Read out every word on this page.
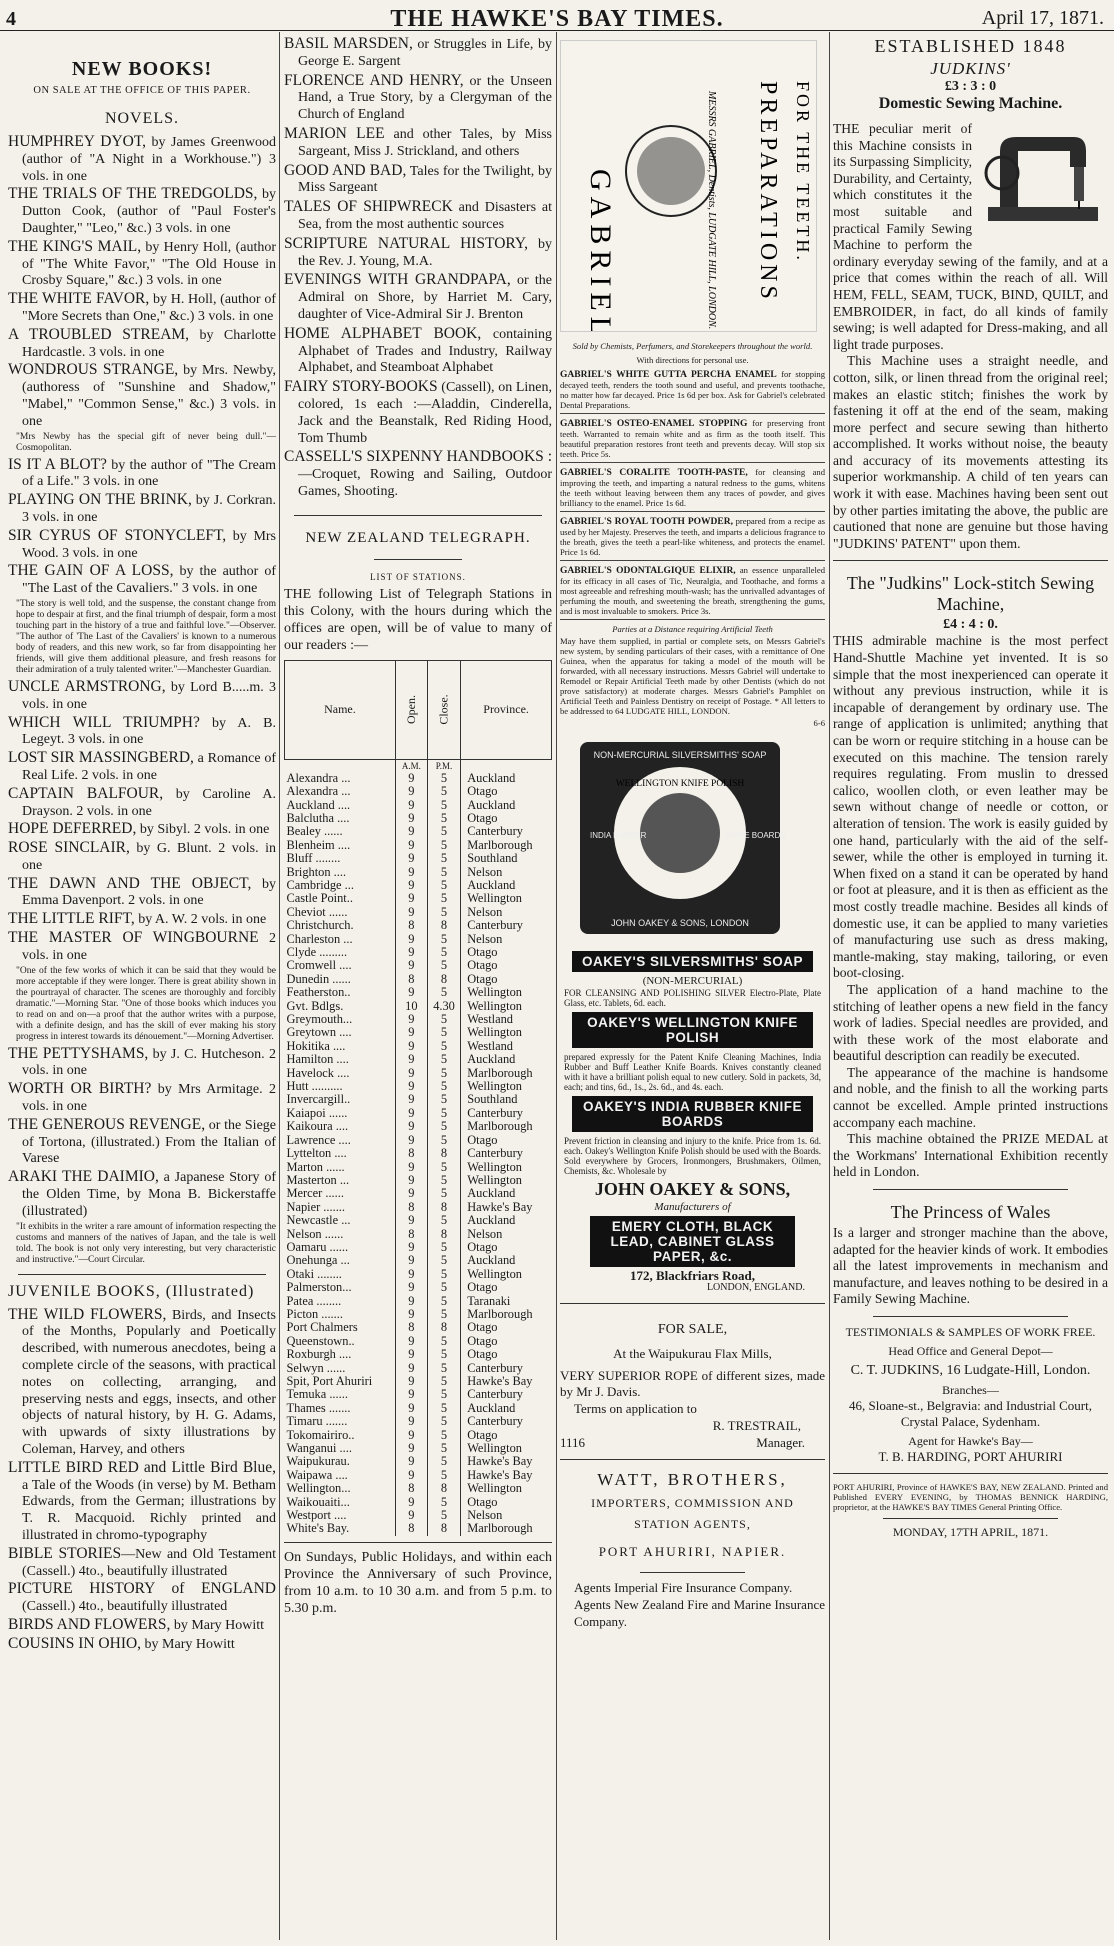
4	THE HAWKE'S BAY TIMES.	April 17, 1871.
NEW BOOKS!
ON SALE AT THE OFFICE OF THIS PAPER.
NOVELS.

HUMPHREY DYOT, by James Greenwood (author of "A Night in a Workhouse.") 3 vols. in one

THE TRIALS OF THE TREDGOLDS, by Dutton Cook, (author of "Paul Foster's Daughter," "Leo," &c.) 3 vols. in one

THE KING'S MAIL, by Henry Holl, (author of "The White Favor," "The Old House in Crosby Square," &c.) 3 vols. in one

THE WHITE FAVOR, by H. Holl, (author of "More Secrets than One," &c.) 3 vols. in one

A TROUBLED STREAM, by Charlotte Hardcastle. 3 vols. in one

WONDROUS STRANGE, by Mrs. Newby, (authoress of "Sunshine and Shadow," "Mabel," "Common Sense," &c.) 3 vols. in one

"Mrs Newby has the special gift of never being dull."—Cosmopolitan.

IS IT A BLOT? by the author of "The Cream of a Life." 3 vols. in one

PLAYING ON THE BRINK, by J. Corkran. 3 vols. in one

SIR CYRUS OF STONYCLEFT, by Mrs Wood. 3 vols. in one

THE GAIN OF A LOSS, by the author of "The Last of the Cavaliers." 3 vols. in one

"The story is well told, and the suspense, the constant change from hope to despair at first, and the final triumph of despair, form a most touching part in the history of a true and faithful love."—Observer. "The author of 'The Last of the Cavaliers' is known to a numerous body of readers, and this new work, so far from disappointing her friends, will give them additional pleasure, and fresh reasons for their admiration of a truly talented writer."—Manchester Guardian.

UNCLE ARMSTRONG, by Lord B.....m. 3 vols. in one

WHICH WILL TRIUMPH? by A. B. Legeyt. 3 vols. in one

LOST SIR MASSINGBERD, a Romance of Real Life. 2 vols. in one

CAPTAIN BALFOUR, by Caroline A. Drayson. 2 vols. in one

HOPE DEFERRED, by Sibyl. 2 vols. in one

ROSE SINCLAIR, by G. Blunt. 2 vols. in one

THE DAWN AND THE OBJECT, by Emma Davenport. 2 vols. in one

THE LITTLE RIFT, by A. W. 2 vols. in one

THE MASTER OF WINGBOURNE 2 vols. in one

"One of the few works of which it can be said that they would be more acceptable if they were longer. There is great ability shown in the pourtrayal of character. The scenes are thoroughly and forcibly dramatic."—Morning Star. "One of those books which induces you to read on and on—a proof that the author writes with a purpose, with a definite design, and has the skill of ever making his story progress in interest towards its dénouement."—Morning Advertiser.

THE PETTYSHAMS, by J. C. Hutcheson. 2 vols. in one

WORTH OR BIRTH? by Mrs Armitage. 2 vols. in one

THE GENEROUS REVENGE, or the Siege of Tortona, (illustrated.) From the Italian of Varese

ARAKI THE DAIMIO, a Japanese Story of the Olden Time, by Mona B. Bickerstaffe (illustrated)

"It exhibits in the writer a rare amount of information respecting the customs and manners of the natives of Japan, and the tale is well told. The book is not only very interesting, but very characteristic and instructive."—Court Circular.
JUVENILE BOOKS, (Illustrated)

THE WILD FLOWERS, Birds, and Insects of the Months, Popularly and Poetically described, with numerous anecdotes, being a complete circle of the seasons, with practical notes on collecting, arranging, and preserving nests and eggs, insects, and other objects of natural history, by H. G. Adams, with upwards of sixty illustrations by Coleman, Harvey, and others

LITTLE BIRD RED and Little Bird Blue, a Tale of the Woods (in verse) by M. Betham Edwards, from the German; illustrations by T. R. Macquoid. Richly printed and illustrated in chromo-typography

BIBLE STORIES—New and Old Testament (Cassell.) 4to., beautifully illustrated

PICTURE HISTORY of ENGLAND (Cassell.) 4to., beautifully illustrated

BIRDS AND FLOWERS, by Mary Howitt

COUSINS IN OHIO, by Mary Howitt

BASIL MARSDEN, or Struggles in Life, by George E. Sargent

FLORENCE AND HENRY, or the Unseen Hand, a True Story, by a Clergyman of the Church of England

MARION LEE and other Tales, by Miss Sargeant, Miss J. Strickland, and others

GOOD AND BAD, Tales for the Twilight, by Miss Sargeant

TALES OF SHIPWRECK and Disasters at Sea, from the most authentic sources

SCRIPTURE NATURAL HISTORY, by the Rev. J. Young, M.A.

EVENINGS WITH GRANDPAPA, or the Admiral on Shore, by Harriet M. Cary, daughter of Vice-Admiral Sir J. Brenton

HOME ALPHABET BOOK, containing Alphabet of Trades and Industry, Railway Alphabet, and Steamboat Alphabet

FAIRY STORY-BOOKS (Cassell), on Linen, colored, 1s each :—Aladdin, Cinderella, Jack and the Beanstalk, Red Riding Hood, Tom Thumb

CASSELL'S SIXPENNY HANDBOOKS :—Croquet, Rowing and Sailing, Outdoor Games, Shooting.

NEW ZEALAND TELEGRAPH.
LIST OF STATIONS.

THE following List of Telegraph Stations in this Colony, with the hours during which the offices are open, will be of value to many of our readers :—

Name.	Open.	Close.	Province.
	A.M.	P.M.	
Alexandra ...	9	5	Auckland
Alexandra ...	9	5	Otago
Auckland ....	9	5	Auckland
Balclutha ....	9	5	Otago
Bealey ......	9	5	Canterbury
Blenheim ....	9	5	Marlborough
Bluff ........	9	5	Southland
Brighton ....	9	5	Nelson
Cambridge ...	9	5	Auckland
Castle Point..	9	5	Wellington
Cheviot ......	9	5	Nelson
Christchurch.	8	8	Canterbury
Charleston ...	9	5	Nelson
Clyde .........	9	5	Otago
Cromwell ....	9	5	Otago
Dunedin ......	8	8	Otago
Featherston..	9	5	Wellington
Gvt. Bdlgs.	10	4.30	Wellington
Greymouth...	9	5	Westland
Greytown ....	9	5	Wellington
Hokitika ....	9	5	Westland
Hamilton ....	9	5	Auckland
Havelock ....	9	5	Marlborough
Hutt ..........	9	5	Wellington
Invercargill..	9	5	Southland
Kaiapoi ......	9	5	Canterbury
Kaikoura ....	9	5	Marlborough
Lawrence ....	9	5	Otago
Lyttelton ....	8	8	Canterbury
Marton ......	9	5	Wellington
Masterton ...	9	5	Wellington
Mercer ......	9	5	Auckland
Napier .......	8	8	Hawke's Bay
Newcastle ...	9	5	Auckland
Nelson ......	8	8	Nelson
Oamaru ......	9	5	Otago
Onehunga ...	9	5	Auckland
Otaki ........	9	5	Wellington
Palmerston...	9	5	Otago
Patea ........	9	5	Taranaki
Picton .......	9	5	Marlborough
Port Chalmers	8	8	Otago
Queenstown..	9	5	Otago
Roxburgh ....	9	5	Otago
Selwyn ......	9	5	Canterbury
Spit, Port Ahuriri	9	5	Hawke's Bay
Temuka ......	9	5	Canterbury
Thames .......	9	5	Auckland
Timaru .......	9	5	Canterbury
Tokomairiro..	9	5	Otago
Wanganui ....	9	5	Wellington
Waipukurau.	9	5	Hawke's Bay
Waipawa ....	9	5	Hawke's Bay
Wellington...	8	8	Wellington
Waikouaiti...	9	5	Otago
Westport ....	9	5	Nelson
White's Bay.	8	8	Marlborough

On Sundays, Public Holidays, and within each Province the Anniversary of such Province, from 10 a.m. to 10 30 a.m. and from 5 p.m. to 5.30 p.m.

GABRIEL'S	PREPARATIONS FOR THE TEETH.
MESSRS GABRIEL, Dentists, LUDGATE HILL, LONDON.
Sold by Chemists, Perfumers, and Storekeepers throughout the world.
With directions for personal use.
GABRIEL'S WHITE GUTTA PERCHA ENAMEL for stopping decayed teeth, renders the tooth sound and useful, and prevents toothache, no matter how far decayed. Price 1s 6d per box. Ask for Gabriel's celebrated Dental Preparations.
GABRIEL'S OSTEO-ENAMEL STOPPING for preserving front teeth. Warranted to remain white and as firm as the tooth itself. This beautiful preparation restores front teeth and prevents decay. Will stop six teeth. Price 5s.
GABRIEL'S CORALITE TOOTH-PASTE, for cleansing and improving the teeth, and imparting a natural redness to the gums, whitens the teeth without leaving between them any traces of powder, and gives brilliancy to the enamel. Price 1s 6d.
GABRIEL'S ROYAL TOOTH POWDER, prepared from a recipe as used by her Majesty. Preserves the teeth, and imparts a delicious fragrance to the breath, gives the teeth a pearl-like whiteness, and protects the enamel. Price 1s 6d.
GABRIEL'S ODONTALGIQUE ELIXIR, an essence unparalleled for its efficacy in all cases of Tic, Neuralgia, and Toothache, and forms a most agreeable and refreshing mouth-wash; has the unrivalled advantages of perfuming the mouth, and sweetening the breath, strengthening the gums, and is most invaluable to smokers. Price 3s.
Parties at a Distance requiring Artificial Teeth
May have them supplied, in partial or complete sets, on Messrs Gabriel's new system, by sending particulars of their cases, with a remittance of One Guinea, when the apparatus for taking a model of the mouth will be forwarded, with all necessary instructions. Messrs Gabriel will undertake to Remodel or Repair Artificial Teeth made by other Dentists (which do not prove satisfactory) at moderate charges. Messrs Gabriel's Pamphlet on Artificial Teeth and Painless Dentistry on receipt of Postage. * All letters to be addressed to 64 LUDGATE HILL, LONDON.
6-6
NON-MERCURIAL SILVERSMITHS' SOAP
WELLINGTON KNIFE POLISH
INDIA RUBBER	KNIFE BOARDS
JOHN OAKEY & SONS, LONDON
OAKEY'S SILVERSMITHS' SOAP
(NON-MERCURIAL)
FOR CLEANSING AND POLISHING SILVER Electro-Plate, Plate Glass, etc. Tablets, 6d. each.
OAKEY'S WELLINGTON KNIFE POLISH
prepared expressly for the Patent Knife Cleaning Machines, India Rubber and Buff Leather Knife Boards. Knives constantly cleaned with it have a brilliant polish equal to new cutlery. Sold in packets, 3d, each; and tins, 6d., 1s., 2s. 6d., and 4s. each.
OAKEY'S INDIA RUBBER KNIFE BOARDS
Prevent friction in cleansing and injury to the knife. Price from 1s. 6d. each. Oakey's Wellington Knife Polish should be used with the Boards. Sold everywhere by Grocers, Ironmongers, Brushmakers, Oilmen, Chemists, &c. Wholesale by
JOHN OAKEY & SONS,
Manufacturers of
EMERY CLOTH, BLACK LEAD, CABINET GLASS PAPER, &c.
172, Blackfriars Road,
LONDON, ENGLAND.
FOR SALE,
At the Waipukurau Flax Mills,

VERY SUPERIOR ROPE of different sizes, made by Mr J. Davis.

Terms on application to

R. TRESTRAIL,

1116	Manager.

WATT, BROTHERS,
IMPORTERS, COMMISSION AND
STATION AGENTS,
PORT AHURIRI, NAPIER.

Agents Imperial Fire Insurance Company.

Agents New Zealand Fire and Marine Insurance Company.

ESTABLISHED 1848
JUDKINS'
£3 : 3 : 0
Domestic Sewing Machine.

THE peculiar merit of this Machine consists in its Surpassing Simplicity, Durability, and Certainty, which constitutes it the most suitable and practical Family Sewing Machine to perform the ordinary everyday sewing of the family, and at a price that comes within the reach of all. Will HEM, FELL, SEAM, TUCK, BIND, QUILT, and EMBROIDER, in fact, do all kinds of family sewing; is well adapted for Dress-making, and all light trade purposes.

This Machine uses a straight needle, and cotton, silk, or linen thread from the original reel; makes an elastic stitch; finishes the work by fastening it off at the end of the seam, making more perfect and secure sewing than hitherto accomplished. It works without noise, the beauty and accuracy of its movements attesting its superior workmanship. A child of ten years can work it with ease. Machines having been sent out by other parties imitating the above, the public are cautioned that none are genuine but those having "JUDKINS' PATENT" upon them.

The "Judkins" Lock-stitch Sewing Machine,
£4 : 4 : 0.

THIS admirable machine is the most perfect Hand-Shuttle Machine yet invented. It is so simple that the most inexperienced can operate it without any previous instruction, while it is incapable of derangement by ordinary use. The range of application is unlimited; anything that can be worn or require stitching in a house can be executed on this machine. The tension rarely requires regulating. From muslin to dressed calico, woollen cloth, or even leather may be sewn without change of needle or cotton, or alteration of tension. The work is easily guided by one hand, particularly with the aid of the self-sewer, while the other is employed in turning it. When fixed on a stand it can be operated by hand or foot at pleasure, and it is then as efficient as the most costly treadle machine. Besides all kinds of domestic use, it can be applied to many varieties of manufacturing use such as dress making, mantle-making, stay making, tailoring, or even boot-closing.

The application of a hand machine to the stitching of leather opens a new field in the fancy work of ladies. Special needles are provided, and with these work of the most elaborate and beautiful description can readily be executed.

The appearance of the machine is handsome and noble, and the finish to all the working parts cannot be excelled. Ample printed instructions accompany each machine.

This machine obtained the PRIZE MEDAL at the Workmans' International Exhibition recently held in London.

The Princess of Wales

Is a larger and stronger machine than the above, adapted for the heavier kinds of work. It embodies all the latest improvements in mechanism and manufacture, and leaves nothing to be desired in a Family Sewing Machine.

TESTIMONIALS & SAMPLES OF WORK FREE.
Head Office and General Depot—
C. T. JUDKINS, 16 Ludgate-Hill, London.
Branches—
46, Sloane-st., Belgravia: and Industrial Court, Crystal Palace, Sydenham.
Agent for Hawke's Bay—
T. B. HARDING, PORT AHURIRI
PORT AHURIRI, Province of HAWKE'S BAY, NEW ZEALAND. Printed and Published EVERY EVENING, by THOMAS BENNICK HARDING, proprietor, at the HAWKE'S BAY TIMES General Printing Office.
MONDAY, 17TH APRIL, 1871.
